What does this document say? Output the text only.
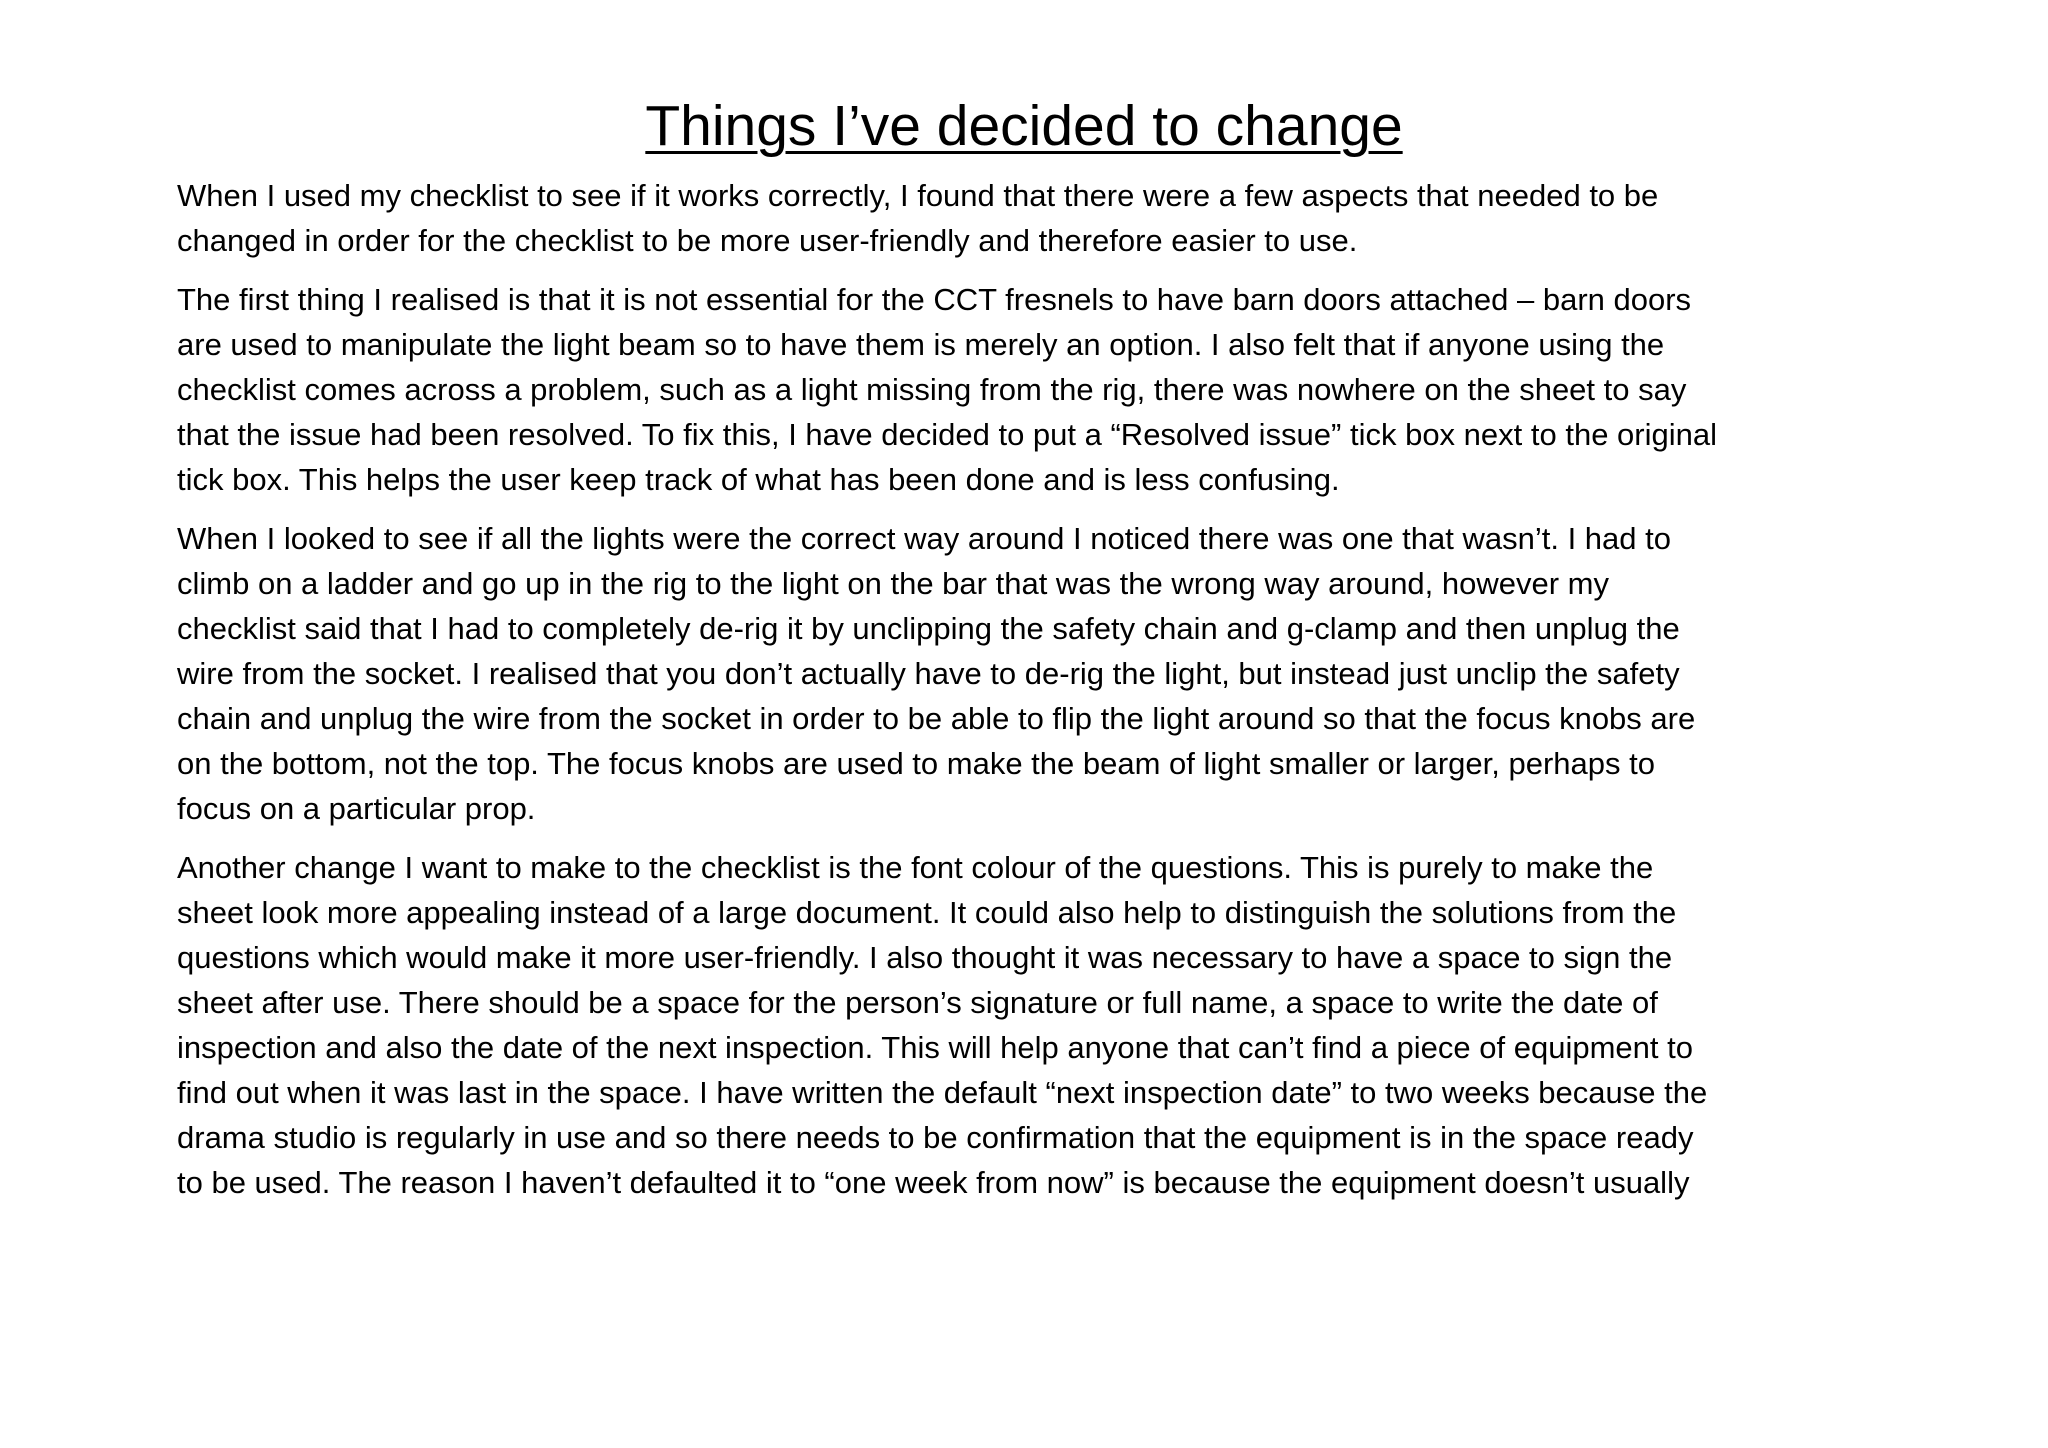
Things I’ve decided to change

When I used my checklist to see if it works correctly, I found that there were a few aspects that needed to be
changed in order for the checklist to be more user-friendly and therefore easier to use.

The first thing I realised is that it is not essential for the CCT fresnels to have barn doors attached – barn doors
are used to manipulate the light beam so to have them is merely an option. I also felt that if anyone using the
checklist comes across a problem, such as a light missing from the rig, there was nowhere on the sheet to say
that the issue had been resolved. To fix this, I have decided to put a “Resolved issue” tick box next to the original
tick box. This helps the user keep track of what has been done and is less confusing.

When I looked to see if all the lights were the correct way around I noticed there was one that wasn’t. I had to
climb on a ladder and go up in the rig to the light on the bar that was the wrong way around, however my
checklist said that I had to completely de-rig it by unclipping the safety chain and g-clamp and then unplug the
wire from the socket. I realised that you don’t actually have to de-rig the light, but instead just unclip the safety
chain and unplug the wire from the socket in order to be able to flip the light around so that the focus knobs are
on the bottom, not the top. The focus knobs are used to make the beam of light smaller or larger, perhaps to
focus on a particular prop.

Another change I want to make to the checklist is the font colour of the questions. This is purely to make the
sheet look more appealing instead of a large document. It could also help to distinguish the solutions from the
questions which would make it more user-friendly. I also thought it was necessary to have a space to sign the
sheet after use. There should be a space for the person’s signature or full name, a space to write the date of
inspection and also the date of the next inspection. This will help anyone that can’t find a piece of equipment to
find out when it was last in the space. I have written the default “next inspection date” to two weeks because the
drama studio is regularly in use and so there needs to be confirmation that the equipment is in the space ready
to be used. The reason I haven’t defaulted it to “one week from now” is because the equipment doesn’t usually
